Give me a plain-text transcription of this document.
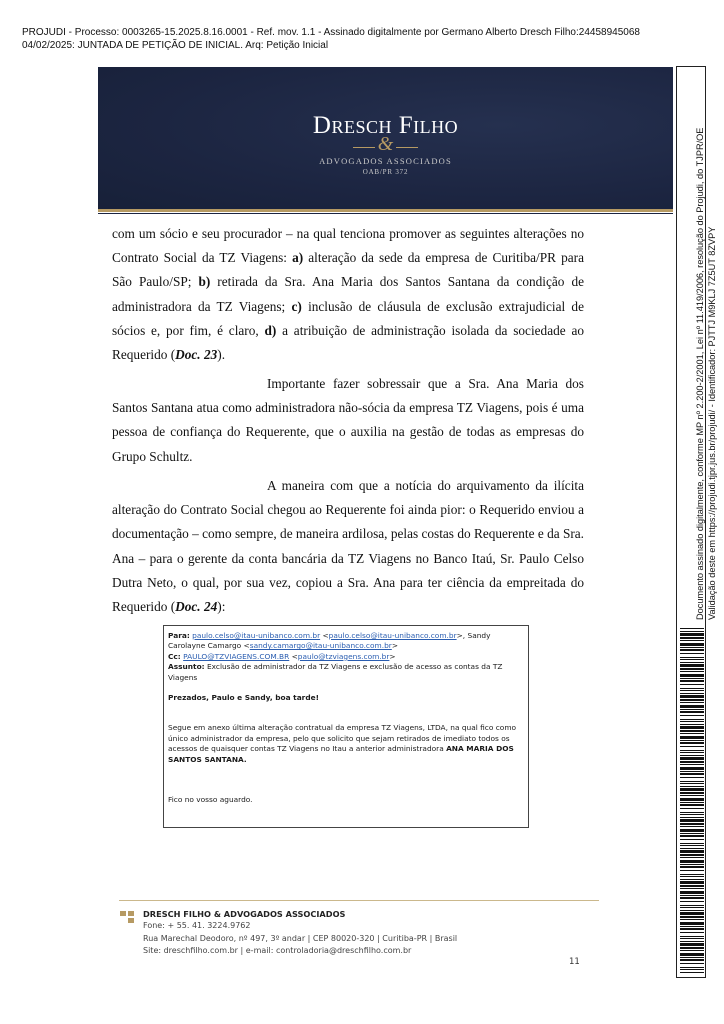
PROJUDI - Processo: 0003265-15.2025.8.16.0001 - Ref. mov. 1.1 - Assinado digitalmente por Germano Alberto Dresch Filho:24458945068
04/02/2025: JUNTADA DE PETIÇÃO DE INICIAL. Arq: Petição Inicial
Dresch Filho
&
ADVOGADOS ASSOCIADOS
OAB/PR 372
com um sócio e seu procurador – na qual tenciona promover as seguintes alterações no Contrato Social da TZ Viagens: a) alteração da sede da empresa de Curitiba/PR para São Paulo/SP; b) retirada da Sra. Ana Maria dos Santos Santana da condição de administradora da TZ Viagens; c) inclusão de cláusula de exclusão extrajudicial de sócios e, por fim, é claro, d) a atribuição de administração isolada da sociedade ao Requerido (Doc. 23).
Importante fazer sobressair que a Sra. Ana Maria dos Santos Santana atua como administradora não-sócia da empresa TZ Viagens, pois é uma pessoa de confiança do Requerente, que o auxilia na gestão de todas as empresas do Grupo Schultz.
A maneira com que a notícia do arquivamento da ilícita alteração do Contrato Social chegou ao Requerente foi ainda pior: o Requerido enviou a documentação – como sempre, de maneira ardilosa, pelas costas do Requerente e da Sra. Ana – para o gerente da conta bancária da TZ Viagens no Banco Itaú, Sr. Paulo Celso Dutra Neto, o qual, por sua vez, copiou a Sra. Ana para ter ciência da empreitada do Requerido (Doc. 24):
Para: paulo.celso@itau-unibanco.com.br <paulo.celso@itau-unibanco.com.br>, Sandy Carolayne Camargo <sandy.camargo@itau-unibanco.com.br>
Cc: PAULO@TZVIAGENS.COM.BR <paulo@tzviagens.com.br>
Assunto: Exclusão de administrador da TZ Viagens e exclusão de acesso as contas da TZ Viagens
Prezados, Paulo e Sandy, boa tarde!
Segue em anexo última alteração contratual da empresa TZ Viagens, LTDA, na qual fico como único administrador da empresa, pelo que solicito que sejam retirados de imediato todos os acessos de quaisquer contas TZ Viagens no Itau a anterior administradora ANA MARIA DOS SANTOS SANTANA.
Fico no vosso aguardo.
DRESCH FILHO & ADVOGADOS ASSOCIADOS
Fone: + 55. 41. 3224.9762
Rua Marechal Deodoro, nº 497, 3º andar | CEP 80020-320 | Curitiba-PR | Brasil
Site: dreschfilho.com.br | e-mail: controladoria@dreschfilho.com.br
11
Documento assinado digitalmente, conforme MP nº 2.200-2/2001, Lei nº 11.419/2006, resolução do Projudi, do TJPR/OE Validação deste em https://projudi.tjpr.jus.br/projudi/ - Identificador: PJTTJ M9KLJ 7Z5UT 8ZVPY
